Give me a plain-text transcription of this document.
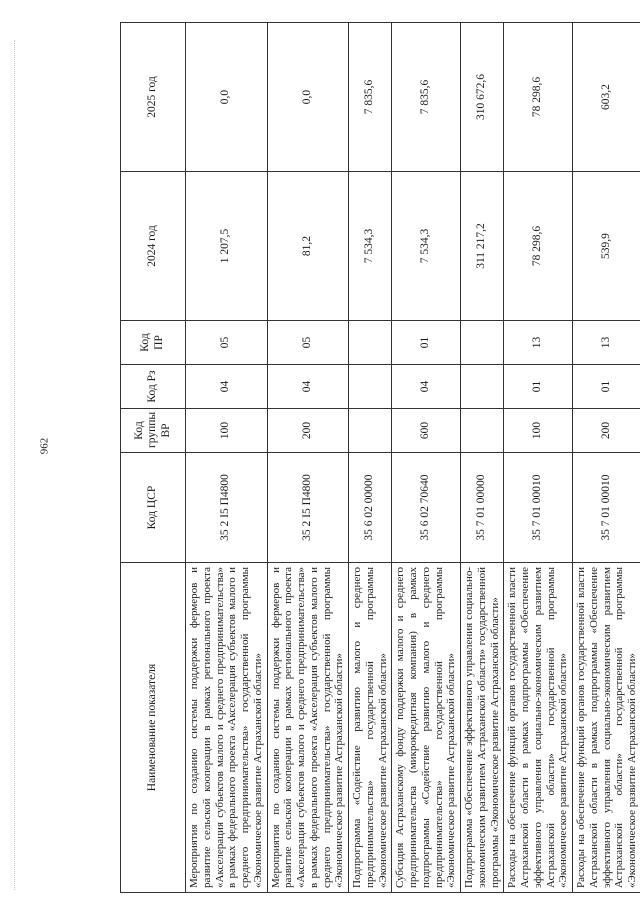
962
Наименование показателя	Код ЦСР	Код группы ВР	Код Рз	Код ПР	2024 год	2025 год
Мероприятия по созданию системы поддержки фермеров и развитие сельской кооперации в рамках регионального проекта «Акселерация субъектов малого и среднего предпринимательства» в рамках федерального проекта «Акселерация субъектов малого и среднего предпринимательства» государственной программы «Экономическое развитие Астраханской области»	35 2 I5 П4800	100	04	05	1 207,5	0,0
Мероприятия по созданию системы поддержки фермеров и развитие сельской кооперации в рамках регионального проекта «Акселерация субъектов малого и среднего предпринимательства» в рамках федерального проекта «Акселерация субъектов малого и среднего предпринимательства» государственной программы «Экономическое развитие Астраханской области»	35 2 I5 П4800	200	04	05	81,2	0,0
Подпрограмма «Содействие развитию малого и среднего предпринимательства» государственной программы «Экономическое развитие Астраханской области»	35 6 02 00000				7 534,3	7 835,6
Субсидия Астраханскому фонду поддержки малого и среднего предпринимательства (микрокредитная компания) в рамках подпрограммы «Содействие развитию малого и среднего предпринимательства» государственной программы «Экономическое развитие Астраханской области»	35 6 02 70640	600	04	01	7 534,3	7 835,6
Подпрограмма «Обеспечение эффективного управления социально-экономическим развитием Астраханской области» государственной программы «Экономическое развитие Астраханской области»	35 7 01 00000				311 217,2	310 672,6
Расходы на обеспечение функций органов государственной власти Астраханской области в рамках подпрограммы «Обеспечение эффективного управления социально-экономическим развитием Астраханской области» государственной программы «Экономическое развитие Астраханской области»	35 7 01 00010	100	01	13	78 298,6	78 298,6
Расходы на обеспечение функций органов государственной власти Астраханской области в рамках подпрограммы «Обеспечение эффективного управления социально-экономическим развитием Астраханской области» государственной программы «Экономическое развитие Астраханской области»	35 7 01 00010	200	01	13	539,9	603,2
